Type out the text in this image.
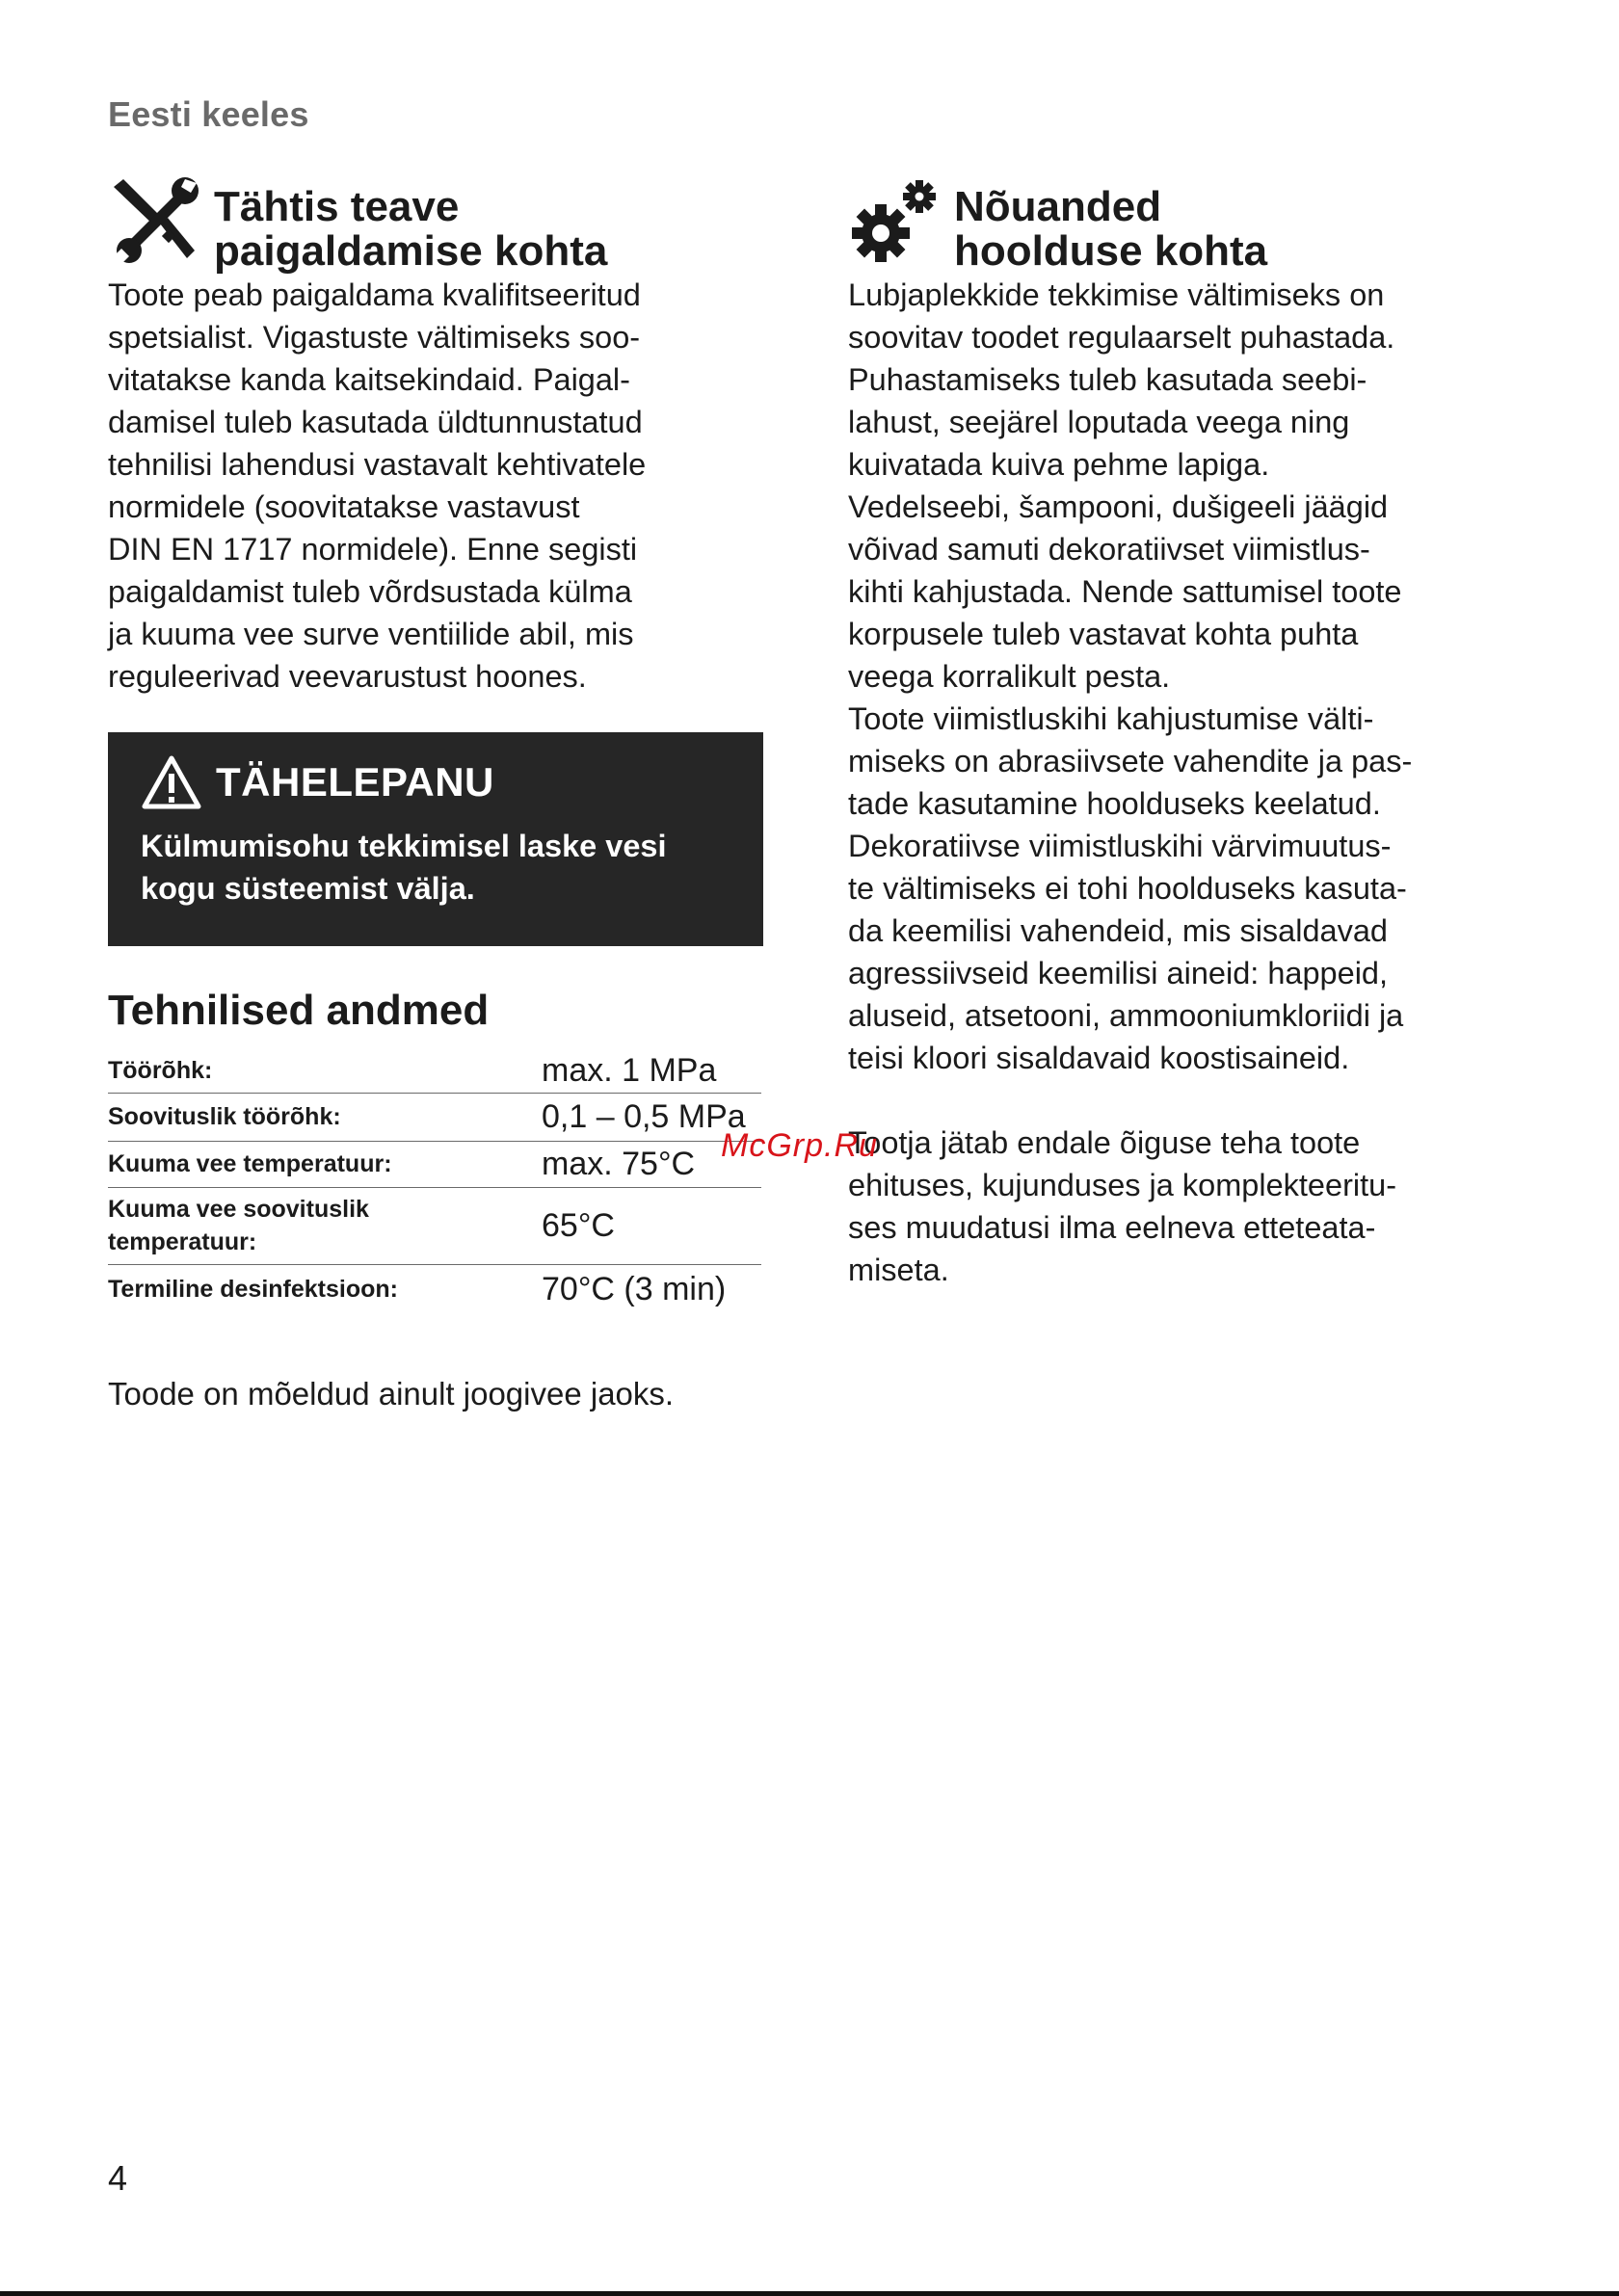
Eesti keeles
Tähtis teave
paigaldamise kohta

Toote peab paigaldama kvalifitseeritud
spetsialist. Vigastuste vältimiseks soo-
vitatakse kanda kaitsekindaid. Paigal-
damisel tuleb kasutada üldtunnustatud
tehnilisi lahendusi vastavalt kehtivatele
normidele (soovitatakse vastavust
DIN EN 1717 normidele). Enne segisti
paigaldamist tuleb võrdsustada külma
ja kuuma vee surve ventiilide abil, mis
reguleerivad veevarustust hoones.

TÄHELEPANU
Külmumisohu tekkimisel laske vesi
kogu süsteemist välja.
Tehnilised andmed
Töörõhk:	max. 1 MPa

Soovituslik töörõhk:	0,1 – 0,5 MPa

Kuuma vee temperatuur:	max. 75°C

Kuuma vee soovituslik
temperatuur:	65°C

Termiline desinfektsioon:	70°C (3 min)
Toode on mõeldud ainult joogivee jaoks.
Nõuanded
hoolduse kohta

Lubjaplekkide tekkimise vältimiseks on
soovitav toodet regulaarselt puhastada.
Puhastamiseks tuleb kasutada seebi-
lahust, seejärel loputada veega ning
kuivatada kuiva pehme lapiga.
Vedelseebi, šampooni, dušigeeli jäägid
võivad samuti dekoratiivset viimistlus-
kihti kahjustada. Nende sattumisel toote
korpusele tuleb vastavat kohta puhta
veega korralikult pesta.
Toote viimistluskihi kahjustumise välti-
miseks on abrasiivsete vahendite ja pas-
tade kasutamine hoolduseks keelatud.
Dekoratiivse viimistluskihi värvimuutus-
te vältimiseks ei tohi hoolduseks kasuta-
da keemilisi vahendeid, mis sisaldavad
agressiivseid keemilisi aineid: happeid,
aluseid, atsetooni, ammooniumkloriidi ja
teisi kloori sisaldavaid koostisaineid.

Tootja jätab endale õiguse teha toote
ehituses, kujunduses ja komplekteeritu-
ses muudatusi ilma eelneva etteteata-
miseta.

McGrp.Ru
4
